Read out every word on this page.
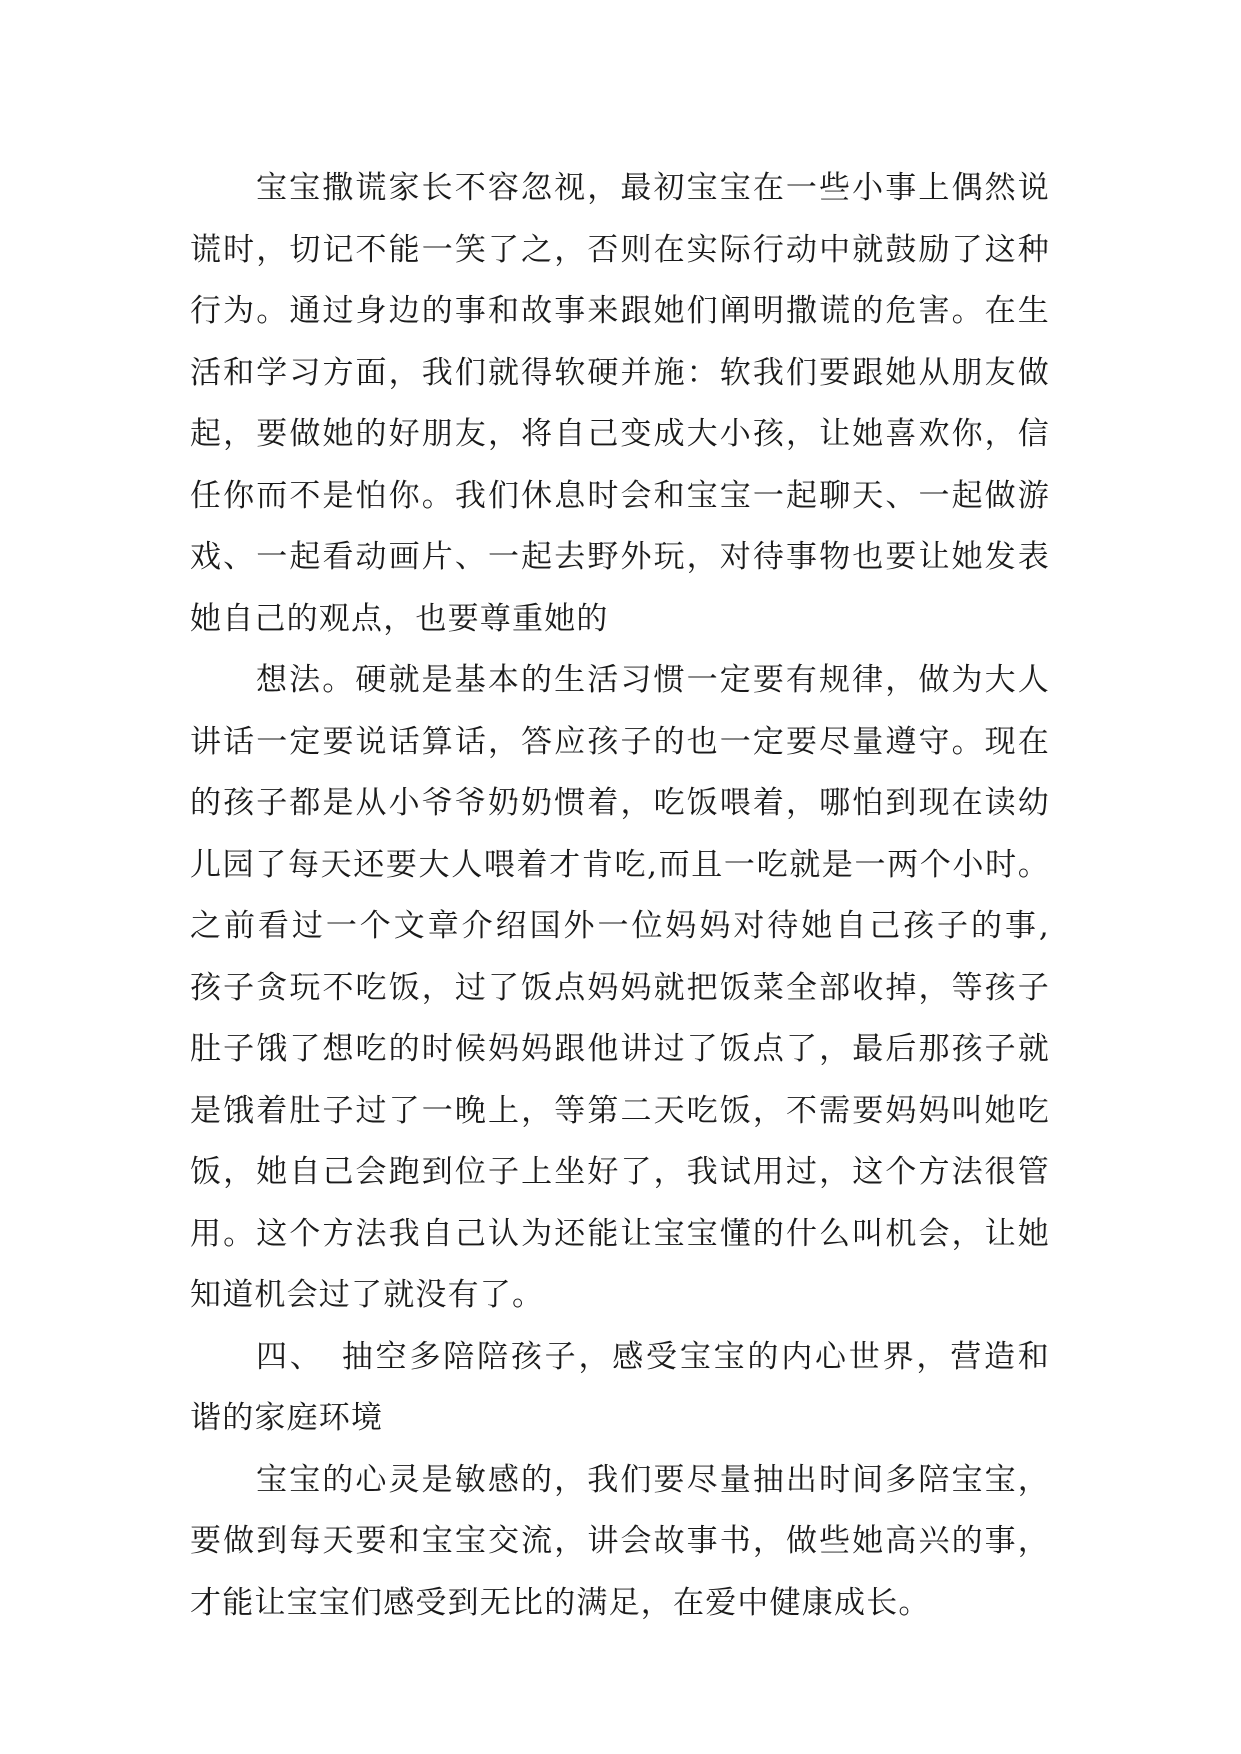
宝宝撒谎家长不容忽视，最初宝宝在一些小事上偶然说
谎时，切记不能一笑了之，否则在实际行动中就鼓励了这种
行为。通过身边的事和故事来跟她们阐明撒谎的危害。在生
活和学习方面，我们就得软硬并施：软我们要跟她从朋友做
起，要做她的好朋友，将自己变成大小孩，让她喜欢你，信
任你而不是怕你。我们休息时会和宝宝一起聊天、一起做游
戏、一起看动画片、一起去野外玩，对待事物也要让她发表
她自己的观点，也要尊重她的
想法。硬就是基本的生活习惯一定要有规律，做为大人
讲话一定要说话算话，答应孩子的也一定要尽量遵守。现在
的孩子都是从小爷爷奶奶惯着，吃饭喂着，哪怕到现在读幼
儿园了每天还要大人喂着才肯吃,而且一吃就是一两个小时。
之前看过一个文章介绍国外一位妈妈对待她自己孩子的事,
孩子贪玩不吃饭，过了饭点妈妈就把饭菜全部收掉，等孩子
肚子饿了想吃的时候妈妈跟他讲过了饭点了，最后那孩子就
是饿着肚子过了一晚上，等第二天吃饭，不需要妈妈叫她吃
饭，她自己会跑到位子上坐好了，我试用过，这个方法很管
用。这个方法我自己认为还能让宝宝懂的什么叫机会，让她
知道机会过了就没有了。
四、　抽空多陪陪孩子，感受宝宝的内心世界，营造和
谐的家庭环境
宝宝的心灵是敏感的，我们要尽量抽出时间多陪宝宝，
要做到每天要和宝宝交流，讲会故事书，做些她高兴的事，
才能让宝宝们感受到无比的满足，在爱中健康成长。
